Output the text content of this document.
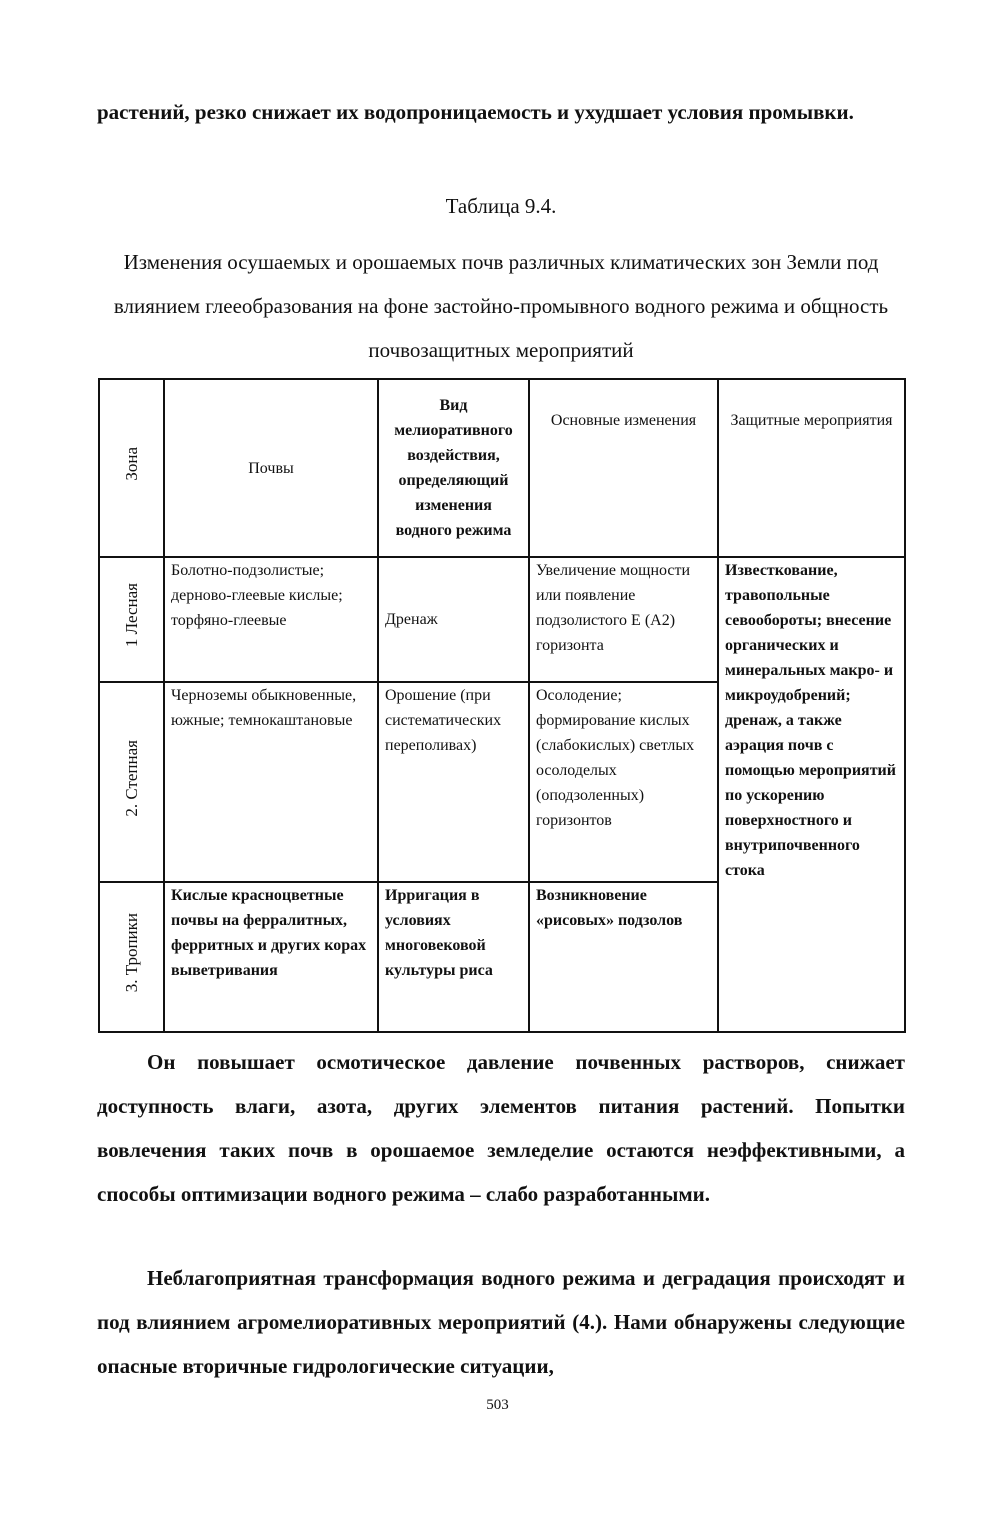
растений, резко снижает их водопроницаемость и ухудшает условия промывки.

Таблица 9.4.

Изменения осушаемых и орошаемых почв различных климатических зон Земли под влиянием глееобразования на фоне застойно-промывного водного режима и общность почвозащитных мероприятий

Зона	Почвы	Вид мелиоративного воздействия, определяющий изменения водного режима	Основные изменения	Защитные мероприятия
1 Лесная	Болотно-подзолистые; дерново-глеевые кислые; торфяно-глеевые	Дренаж	Увеличение мощности или появление подзолистого Е (А2) горизонта	Известкование, травопольные севообороты; внесение органических и минеральных макро- и микроудобрений; дренаж, а также аэрация почв с помощью мероприятий по ускорению поверхностного и внутрипочвенного стока
2. Степная	Черноземы обыкновенные, южные; темнокаштановые	Орошение (при систематических переполивах)	Осолодение; формирование кислых (слабокислых) светлых осолоделых (оподзоленных) горизонтов	
3. Тропики	Кислые красноцветные почвы на ферралитных, ферритных и других корах выветривания	Ирригация в условиях многовековой культуры риса	Возникновение «рисовых» подзолов	

Он повышает осмотическое давление почвенных растворов, снижает доступность влаги, азота, других элементов питания растений. Попытки вовлечения таких почв в орошаемое земледелие остаются неэффективными, а способы оптимизации водного режима – слабо разработанными.

Неблагоприятная трансформация водного режима и деградация происходят и под влиянием агромелиоративных мероприятий (4.). Нами обнаружены следующие опасные вторичные гидрологические ситуации,

503
